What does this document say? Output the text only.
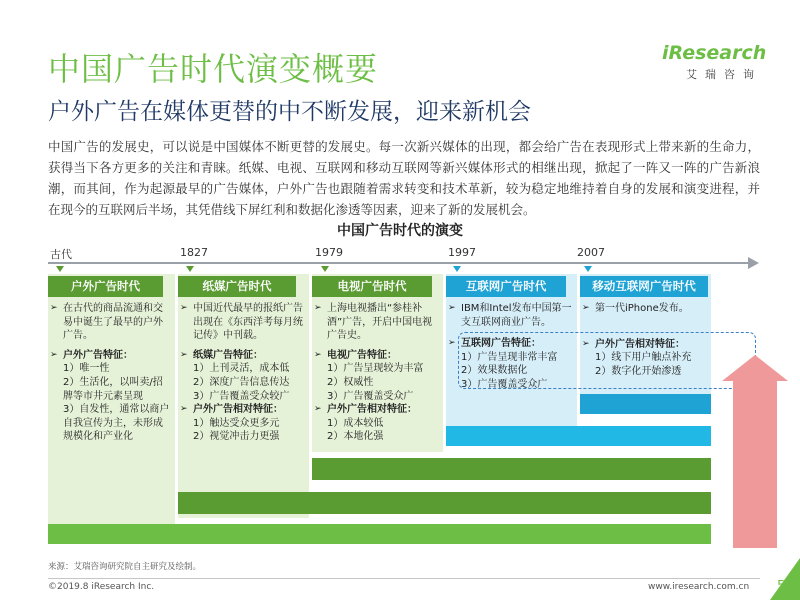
中国广告时代演变概要
户外广告在媒体更替的中不断发展，迎来新机会
iResearch
艾瑞咨询
中国广告的发展史，可以说是中国媒体不断更替的发展史。每一次新兴媒体的出现，都会给广告在表现形式上带来新的生命力，获得当下各方更多的关注和青睐。纸媒、电视、互联网和移动互联网等新兴媒体形式的相继出现，掀起了一阵又一阵的广告新浪潮，而其间，作为起源最早的广告媒体，户外广告也跟随着需求转变和技术革新，较为稳定地维持着自身的发展和演变进程，并在现今的互联网后半场，其凭借线下屏红利和数据化渗透等因素，迎来了新的发展机会。
中国广告时代的演变
古代	1827	1979	1997	2007
户外广告时代	纸媒广告时代	电视广告时代	互联网广告时代	移动互联网广告时代
➢ 在古代的商品流通和交易中诞生了最早的户外广告。
➢ 户外广告特征：
1）唯一性
2）生活化，以叫卖/招牌等市井元素呈现
3）自发性，通常以商户自我宣传为主，未形成规模化和产业化
➢ 中国近代最早的报纸广告出现在《东西洋考每月统记传》中刊载。
➢ 纸媒广告特征：
1）上刊灵活，成本低
2）深度广告信息传达
3）广告覆盖受众较广
➢ 户外广告相对特征：
1）触达受众更多元
2）视觉冲击力更强
➢ 上海电视播出“参桂补酒”广告，开启中国电视广告史。
➢ 电视广告特征：
1）广告呈现较为丰富
2）权威性
3）广告覆盖受众广
➢ 户外广告相对特征：
1）成本较低
2）本地化强
➢ IBM和Intel发布中国第一支互联网商业广告。
➢ 互联网广告特征：
1）广告呈现非常丰富
2）效果数据化
3）广告覆盖受众广
➢ 第一代iPhone发布。
➢ 户外广告相对特征：
1）线下用户触点补充
2）数字化开始渗透
来源：艾瑞咨询研究院自主研究及绘制。
©2019.8 iResearch Inc.	www.iresearch.com.cn 5
